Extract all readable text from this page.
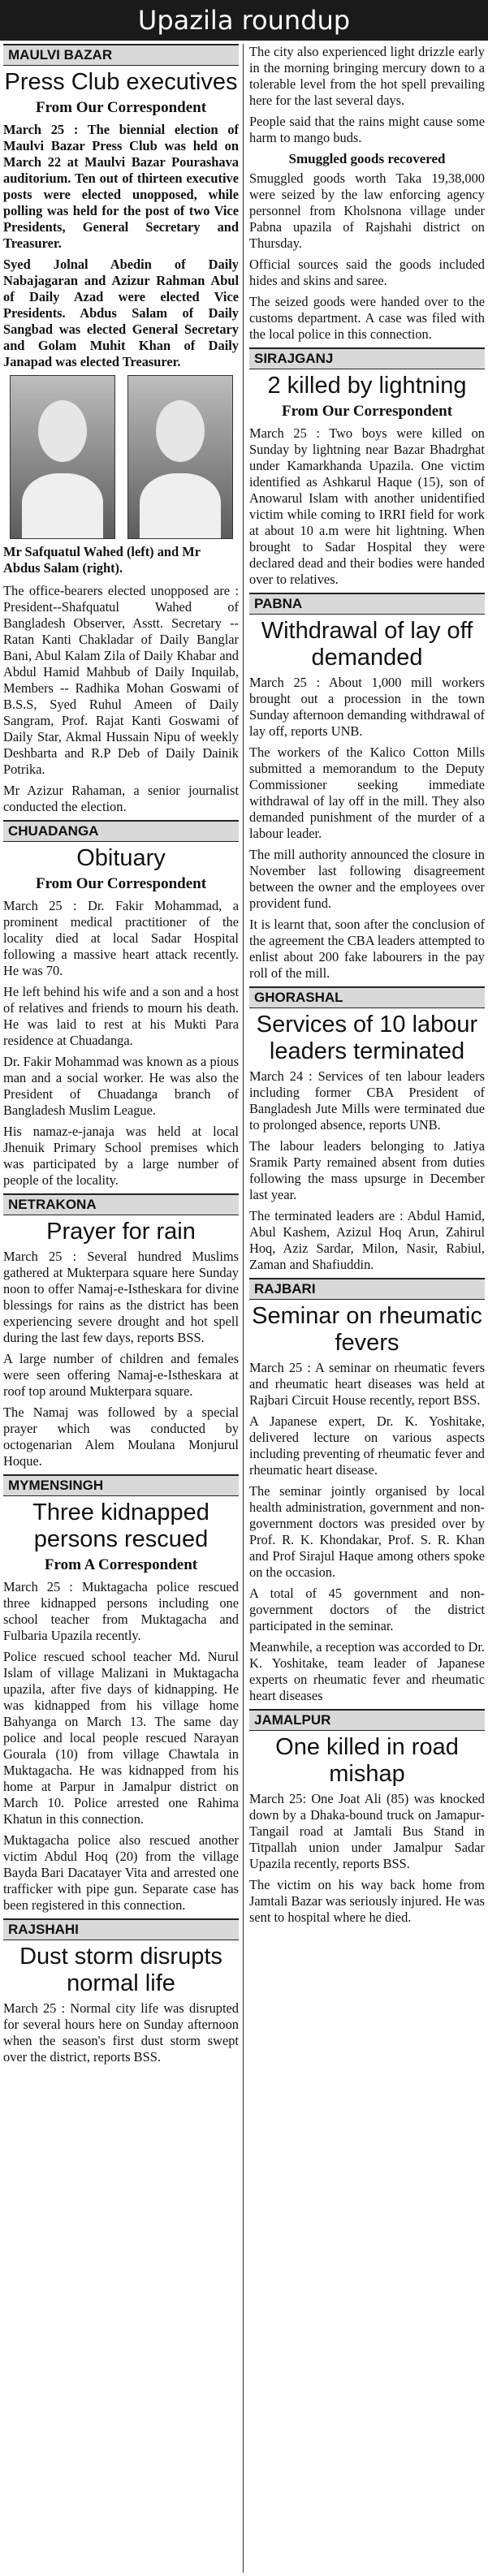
Upazila roundup
MAULVI BAZAR
Press Club executives
From Our Correspondent

March 25 : The biennial election of Maulvi Bazar Press Club was held on March 22 at Maulvi Bazar Pourashava auditorium. Ten out of thirteen executive posts were elected unopposed, while polling was held for the post of two Vice Presidents, General Secretary and Treasurer.

Syed Jolnal Abedin of Daily Nabajagaran and Azizur Rahman Abul of Daily Azad were elected Vice Presidents. Abdus Salam of Daily Sangbad was elected General Secretary and Golam Muhit Khan of Daily Janapad was elected Treasurer.

Mr Safquatul Wahed (left) and Mr Abdus Salam (right).

The office-bearers elected unopposed are : President--Shafquatul Wahed of Bangladesh Observer, Asstt. Secretary -- Ratan Kanti Chakladar of Daily Banglar Bani, Abul Kalam Zila of Daily Khabar and Abdul Hamid Mahbub of Daily Inquilab, Members -- Radhika Mohan Goswami of B.S.S, Syed Ruhul Ameen of Daily Sangram, Prof. Rajat Kanti Goswami of Daily Star, Akmal Hussain Nipu of weekly Deshbarta and R.P Deb of Daily Dainik Potrika.

Mr Azizur Rahaman, a senior journalist conducted the election.

CHUADANGA
Obituary
From Our Correspondent

March 25 : Dr. Fakir Mohammad, a prominent medical practitioner of the locality died at local Sadar Hospital following a massive heart attack recently. He was 70.

He left behind his wife and a son and a host of relatives and friends to mourn his death. He was laid to rest at his Mukti Para residence at Chuadanga.

Dr. Fakir Mohammad was known as a pious man and a social worker. He was also the President of Chuadanga branch of Bangladesh Muslim League.

His namaz-e-janaja was held at local Jhenuik Primary School premises which was participated by a large number of people of the locality.

NETRAKONA
Prayer for rain

March 25 : Several hundred Muslims gathered at Mukterpara square here Sunday noon to offer Namaj-e-Istheskara for divine blessings for rains as the district has been experiencing severe drought and hot spell during the last few days, reports BSS.

A large number of children and females were seen offering Namaj-e-Istheskara at roof top around Mukterpara square.

The Namaj was followed by a special prayer which was conducted by octogenarian Alem Moulana Monjurul Hoque.

MYMENSINGH
Three kidnapped persons rescued
From A Correspondent

March 25 : Muktagacha police rescued three kidnapped persons including one school teacher from Muktagacha and Fulbaria Upazila recently.

Police rescued school teacher Md. Nurul Islam of village Malizani in Muktagacha upazila, after five days of kidnapping. He was kidnapped from his village home Bahyanga on March 13. The same day police and local people rescued Narayan Gourala (10) from village Chawtala in Muktagacha. He was kidnapped from his home at Parpur in Jamalpur district on March 10. Police arrested one Rahima Khatun in this connection.

Muktagacha police also rescued another victim Abdul Hoq (20) from the village Bayda Bari Dacatayer Vita and arrested one trafficker with pipe gun. Separate case has been registered in this connection.

RAJSHAHI
Dust storm disrupts normal life

March 25 : Normal city life was disrupted for several hours here on Sunday afternoon when the season's first dust storm swept over the district, reports BSS.

The city also experienced light drizzle early in the morning bringing mercury down to a tolerable level from the hot spell prevailing here for the last several days.

People said that the rains might cause some harm to mango buds.

Smuggled goods recovered

Smuggled goods worth Taka 19,38,000 were seized by the law enforcing agency personnel from Kholsnona village under Pabna upazila of Rajshahi district on Thursday.

Official sources said the goods included hides and skins and saree.

The seized goods were handed over to the customs department. A case was filed with the local police in this connection.

SIRAJGANJ
2 killed by lightning
From Our Correspondent

March 25 : Two boys were killed on Sunday by lightning near Bazar Bhadrghat under Kamarkhanda Upazila. One victim identified as Ashkarul Haque (15), son of Anowarul Islam with another unidentified victim while coming to IRRI field for work at about 10 a.m were hit lightning. When brought to Sadar Hospital they were declared dead and their bodies were handed over to relatives.

PABNA
Withdrawal of lay off demanded

March 25 : About 1,000 mill workers brought out a procession in the town Sunday afternoon demanding withdrawal of lay off, reports UNB.

The workers of the Kalico Cotton Mills submitted a memorandum to the Deputy Commissioner seeking immediate withdrawal of lay off in the mill. They also demanded punishment of the murder of a labour leader.

The mill authority announced the closure in November last following disagreement between the owner and the employees over provident fund.

It is learnt that, soon after the conclusion of the agreement the CBA leaders attempted to enlist about 200 fake labourers in the pay roll of the mill.

GHORASHAL
Services of 10 labour leaders terminated

March 24 : Services of ten labour leaders including former CBA President of Bangladesh Jute Mills were terminated due to prolonged absence, reports UNB.

The labour leaders belonging to Jatiya Sramik Party remained absent from duties following the mass upsurge in December last year.

The terminated leaders are : Abdul Hamid, Abul Kashem, Azizul Hoq Arun, Zahirul Hoq, Aziz Sardar, Milon, Nasir, Rabiul, Zaman and Shafiuddin.

RAJBARI
Seminar on rheumatic fevers

March 25 : A seminar on rheumatic fevers and rheumatic heart diseases was held at Rajbari Circuit House recently, report BSS.

A Japanese expert, Dr. K. Yoshitake, delivered lecture on various aspects including preventing of rheumatic fever and rheumatic heart disease.

The seminar jointly organised by local health administration, government and non-government doctors was presided over by Prof. R. K. Khondakar, Prof. S. R. Khan and Prof Sirajul Haque among others spoke on the occasion.

A total of 45 government and non-government doctors of the district participated in the seminar.

Meanwhile, a reception was accorded to Dr. K. Yoshitake, team leader of Japanese experts on rheumatic fever and rheumatic heart diseases

JAMALPUR
One killed in road mishap

March 25: One Joat Ali (85) was knocked down by a Dhaka-bound truck on Jamapur-Tangail road at Jamtali Bus Stand in Titpallah union under Jamalpur Sadar Upazila recently, reports BSS.

The victim on his way back home from Jamtali Bazar was seriously injured. He was sent to hospital where he died.
